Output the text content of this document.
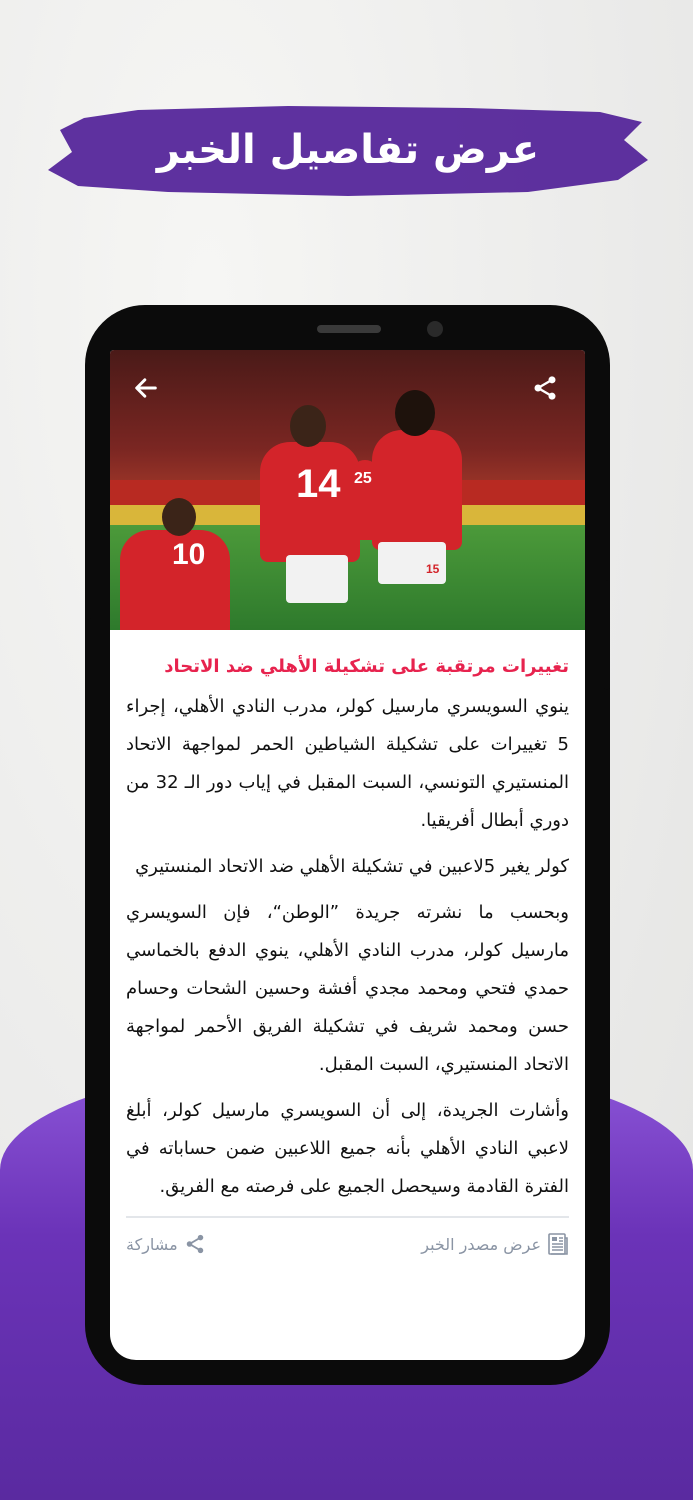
عرض تفاصيل الخبر
10
14 25
15
تغييرات مرتقبة على تشكيلة الأهلي ضد الاتحاد

ينوي السويسري مارسيل كولر، مدرب النادي الأهلي، إجراء 5 تغييرات على تشكيلة الشياطين الحمر لمواجهة الاتحاد المنستيري التونسي، السبت المقبل في إياب دور الـ 32 من دوري أبطال أفريقيا.

كولر يغير 5لاعبين في تشكيلة الأهلي ضد الاتحاد المنستيري

وبحسب ما نشرته جريدة ”الوطن“، فإن السويسري مارسيل كولر، مدرب النادي الأهلي، ينوي الدفع بالخماسي حمدي فتحي ومحمد مجدي أفشة وحسين الشحات وحسام حسن ومحمد شريف في تشكيلة الفريق الأحمر لمواجهة الاتحاد المنستيري، السبت المقبل.

وأشارت الجريدة، إلى أن السويسري مارسيل كولر، أبلغ لاعبي النادي الأهلي بأنه جميع اللاعبين ضمن حساباته في الفترة القادمة وسيحصل الجميع على فرصته مع الفريق.

عرض مصدر الخبر
مشاركة
